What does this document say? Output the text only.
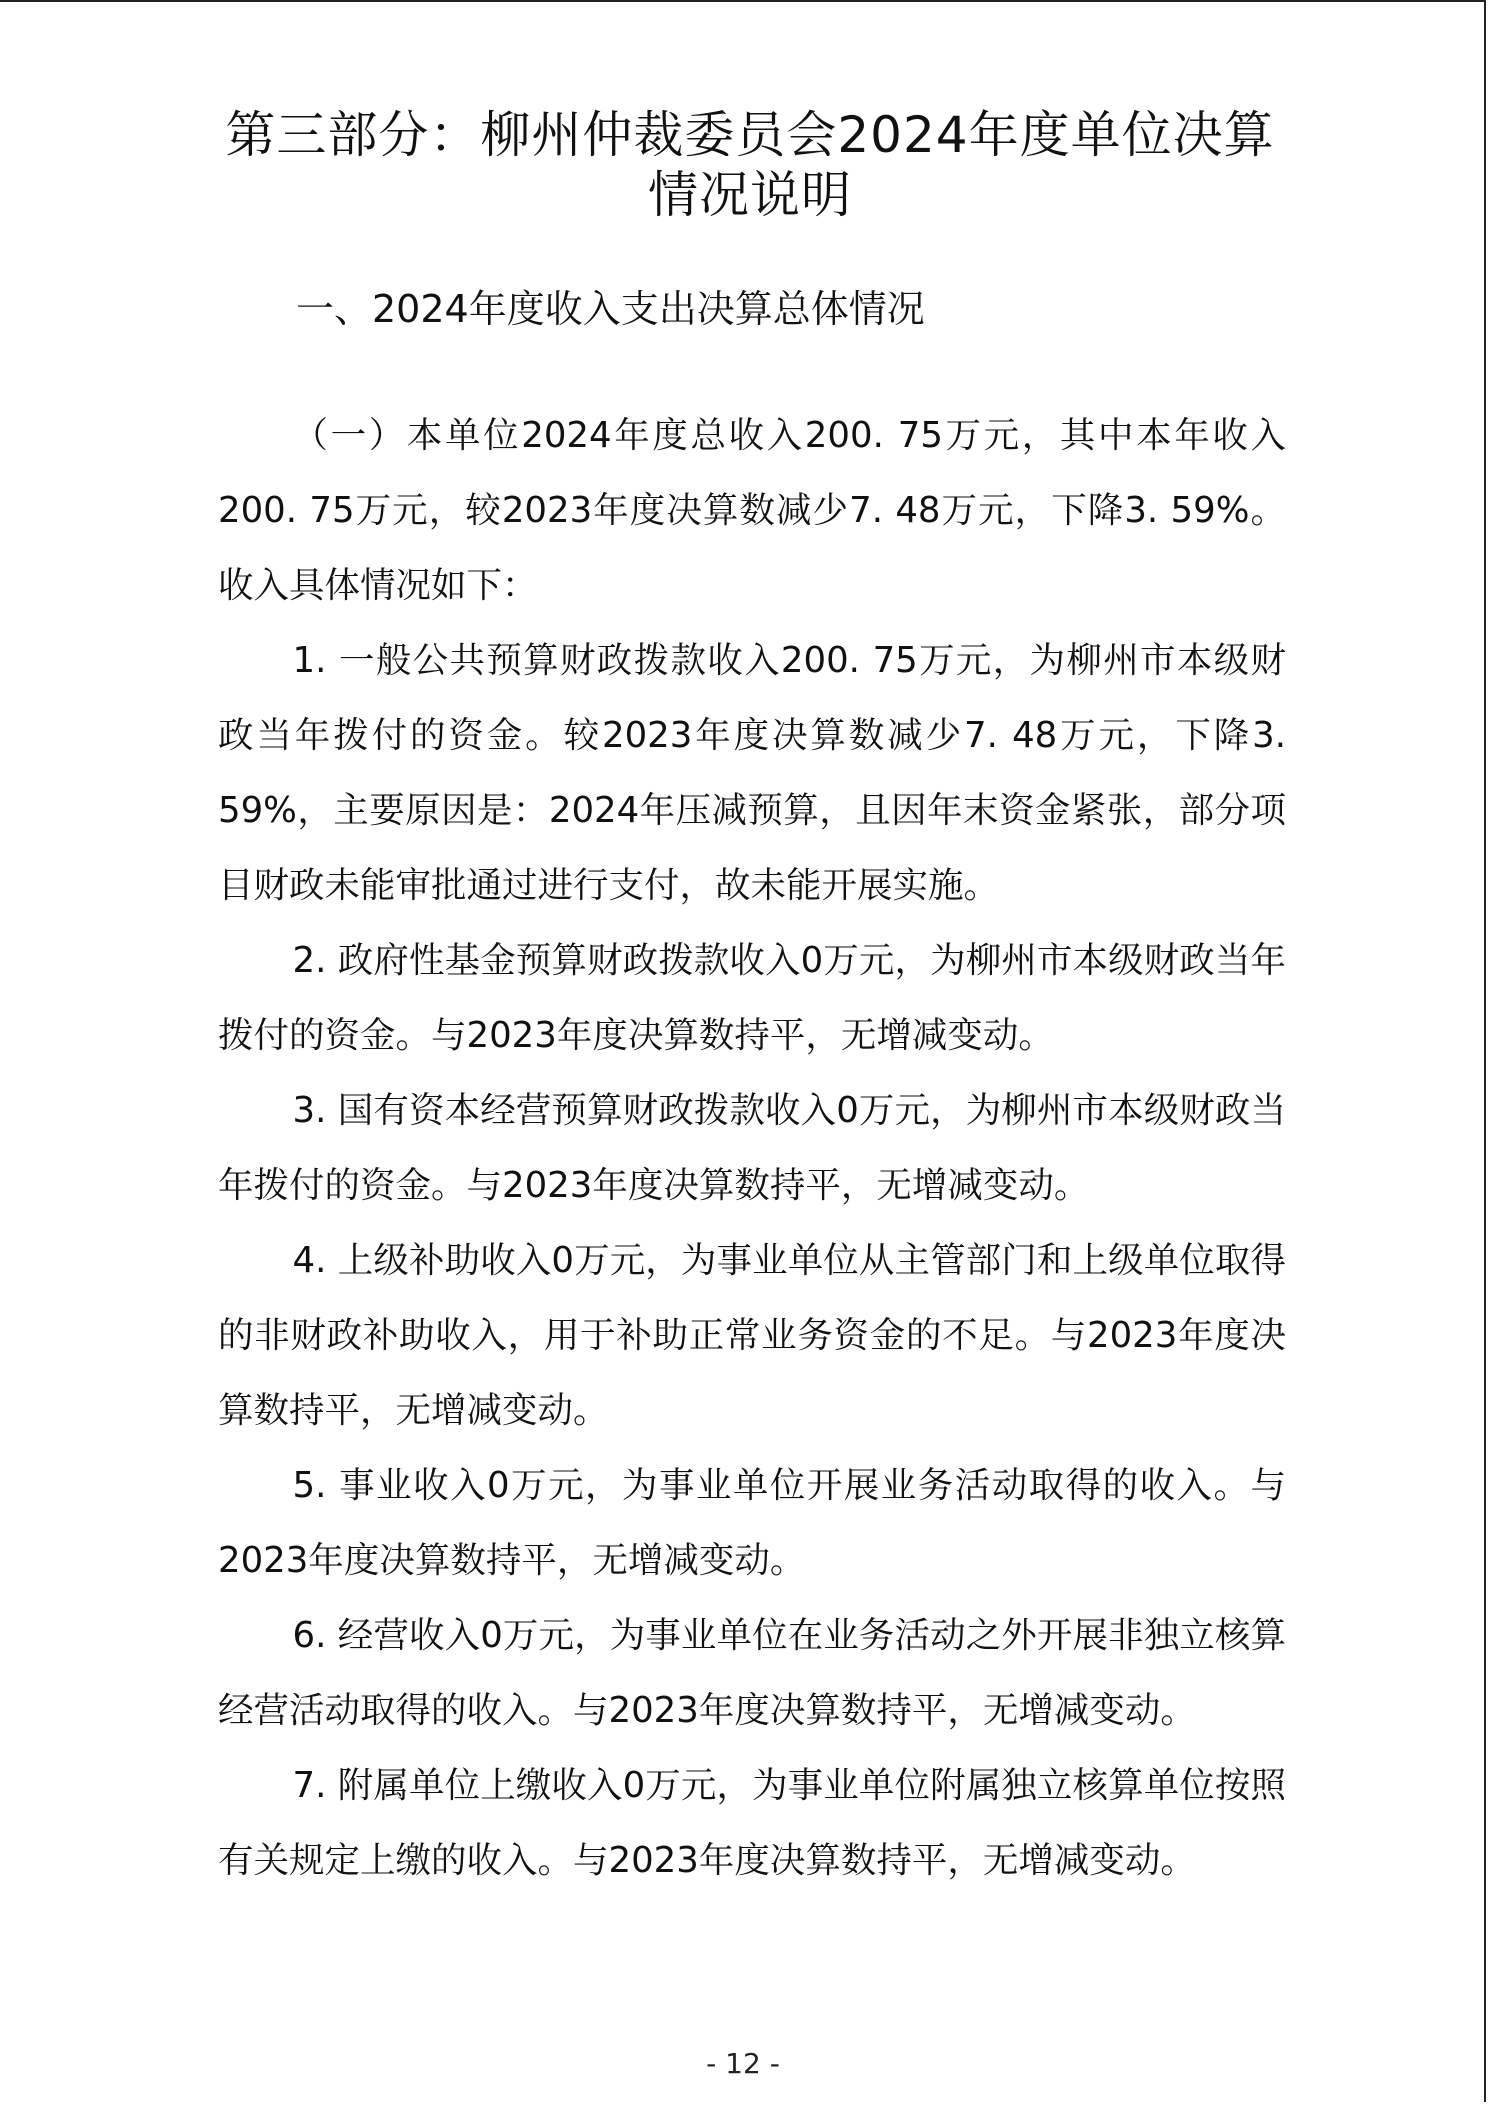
第三部分：柳州仲裁委员会2024年度单位决算情况说明
一、2024年度收入支出决算总体情况

（一）本单位2024年度总收入200. 75万元，其中本年收入200. 75万元，较2023年度决算数减少7. 48万元，下降3. 59%。收入具体情况如下：

1. 一般公共预算财政拨款收入200. 75万元，为柳州市本级财政当年拨付的资金。较2023年度决算数减少7. 48万元，下降3. 59%，主要原因是：2024年压减预算，且因年末资金紧张，部分项目财政未能审批通过进行支付，故未能开展实施。

2. 政府性基金预算财政拨款收入0万元，为柳州市本级财政当年拨付的资金。与2023年度决算数持平，无增减变动。

3. 国有资本经营预算财政拨款收入0万元，为柳州市本级财政当年拨付的资金。与2023年度决算数持平，无增减变动。

4. 上级补助收入0万元，为事业单位从主管部门和上级单位取得的非财政补助收入，用于补助正常业务资金的不足。与2023年度决算数持平，无增减变动。

5. 事业收入0万元，为事业单位开展业务活动取得的收入。与2023年度决算数持平，无增减变动。

6. 经营收入0万元，为事业单位在业务活动之外开展非独立核算经营活动取得的收入。与2023年度决算数持平，无增减变动。

7. 附属单位上缴收入0万元，为事业单位附属独立核算单位按照有关规定上缴的收入。与2023年度决算数持平，无增减变动。

- 12 -
